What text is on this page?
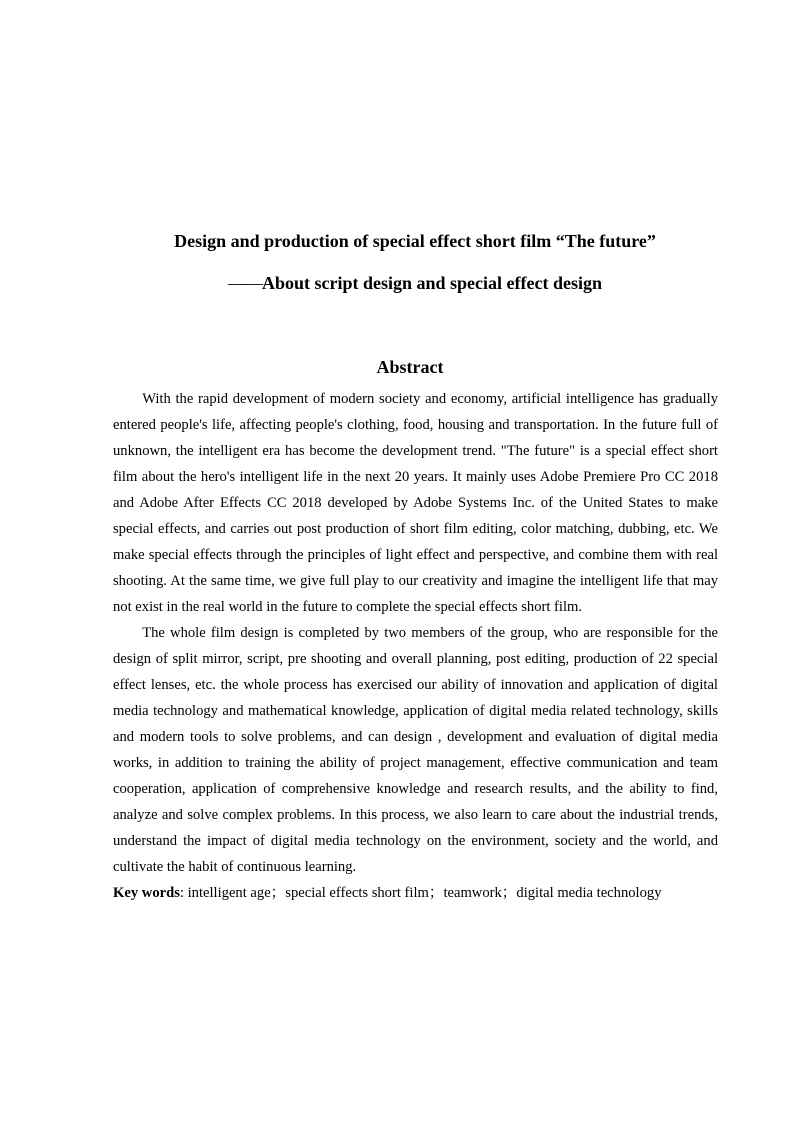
Design and production of special effect short film “The future”
——About script design and special effect design
Abstract

With the rapid development of modern society and economy, artificial intelligence has gradually entered people's life, affecting people's clothing, food, housing and transportation. In the future full of unknown, the intelligent era has become the development trend. "The future" is a special effect short film about the hero's intelligent life in the next 20 years. It mainly uses Adobe Premiere Pro CC 2018 and Adobe After Effects CC 2018 developed by Adobe Systems Inc. of the United States to make special effects, and carries out post production of short film editing, color matching, dubbing, etc. We make special effects through the principles of light effect and perspective, and combine them with real shooting. At the same time, we give full play to our creativity and imagine the intelligent life that may not exist in the real world in the future to complete the special effects short film.

The whole film design is completed by two members of the group, who are responsible for the design of split mirror, script, pre shooting and overall planning, post editing, production of 22 special effect lenses, etc. the whole process has exercised our ability of innovation and application of digital media technology and mathematical knowledge, application of digital media related technology, skills and modern tools to solve problems, and can design , development and evaluation of digital media works, in addition to training the ability of project management, effective communication and team cooperation, application of comprehensive knowledge and research results, and the ability to find, analyze and solve complex problems. In this process, we also learn to care about the industrial trends, understand the impact of digital media technology on the environment, society and the world, and cultivate the habit of continuous learning.

Key words: intelligent age；special effects short film；teamwork；digital media technology
